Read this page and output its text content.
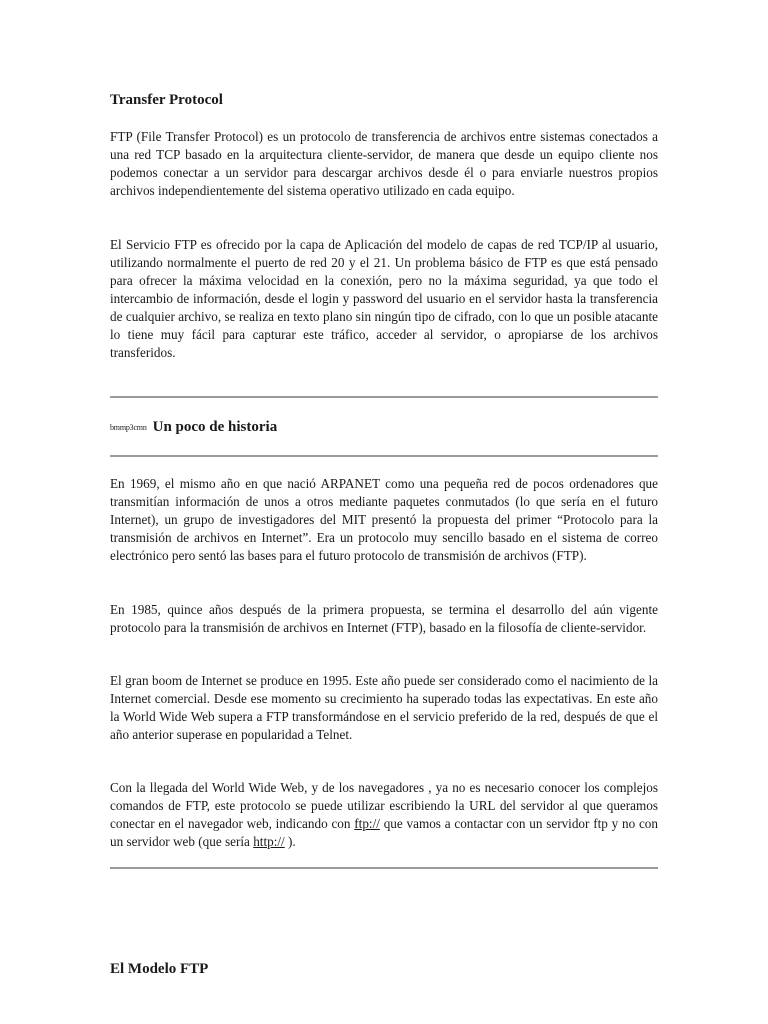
Transfer Protocol

FTP (File Transfer Protocol) es un protocolo de transferencia de archivos entre sistemas conectados a una red TCP basado en la arquitectura cliente-servidor, de manera que desde un equipo cliente nos podemos conectar a un servidor para descargar archivos desde él o para enviarle nuestros propios archivos independientemente del sistema operativo utilizado en cada equipo.

El Servicio FTP es ofrecido por la capa de Aplicación del modelo de capas de red TCP/IP al usuario, utilizando normalmente el puerto de red 20 y el 21. Un problema básico de FTP es que está pensado para ofrecer la máxima velocidad en la conexión, pero no la máxima seguridad, ya que todo el intercambio de información, desde el login y password del usuario en el servidor hasta la transferencia de cualquier archivo, se realiza en texto plano sin ningún tipo de cifrado, con lo que un posible atacante lo tiene muy fácil para capturar este tráfico, acceder al servidor, o apropiarse de los archivos transferidos.

bmmp3cmn Un poco de historia

En 1969, el mismo año en que nació ARPANET como una pequeña red de pocos ordenadores que transmitían información de unos a otros mediante paquetes conmutados (lo que sería en el futuro Internet), un grupo de investigadores del MIT presentó la propuesta del primer “Protocolo para la transmisión de archivos en Internet”. Era un protocolo muy sencillo basado en el sistema de correo electrónico pero sentó las bases para el futuro protocolo de transmisión de archivos (FTP).

En 1985, quince años después de la primera propuesta, se termina el desarrollo del aún vigente protocolo para la transmisión de archivos en Internet (FTP), basado en la filosofía de cliente-servidor.

El gran boom de Internet se produce en 1995. Este año puede ser considerado como el nacimiento de la Internet comercial. Desde ese momento su crecimiento ha superado todas las expectativas. En este año la World Wide Web supera a FTP transformándose en el servicio preferido de la red, después de que el año anterior superase en popularidad a Telnet.

Con la llegada del World Wide Web, y de los navegadores , ya no es necesario conocer los complejos comandos de FTP, este protocolo se puede utilizar escribiendo la URL del servidor al que queramos conectar en el navegador web, indicando con ftp:// que vamos a contactar con un servidor ftp y no con un servidor web (que sería http:// ).

El Modelo FTP
